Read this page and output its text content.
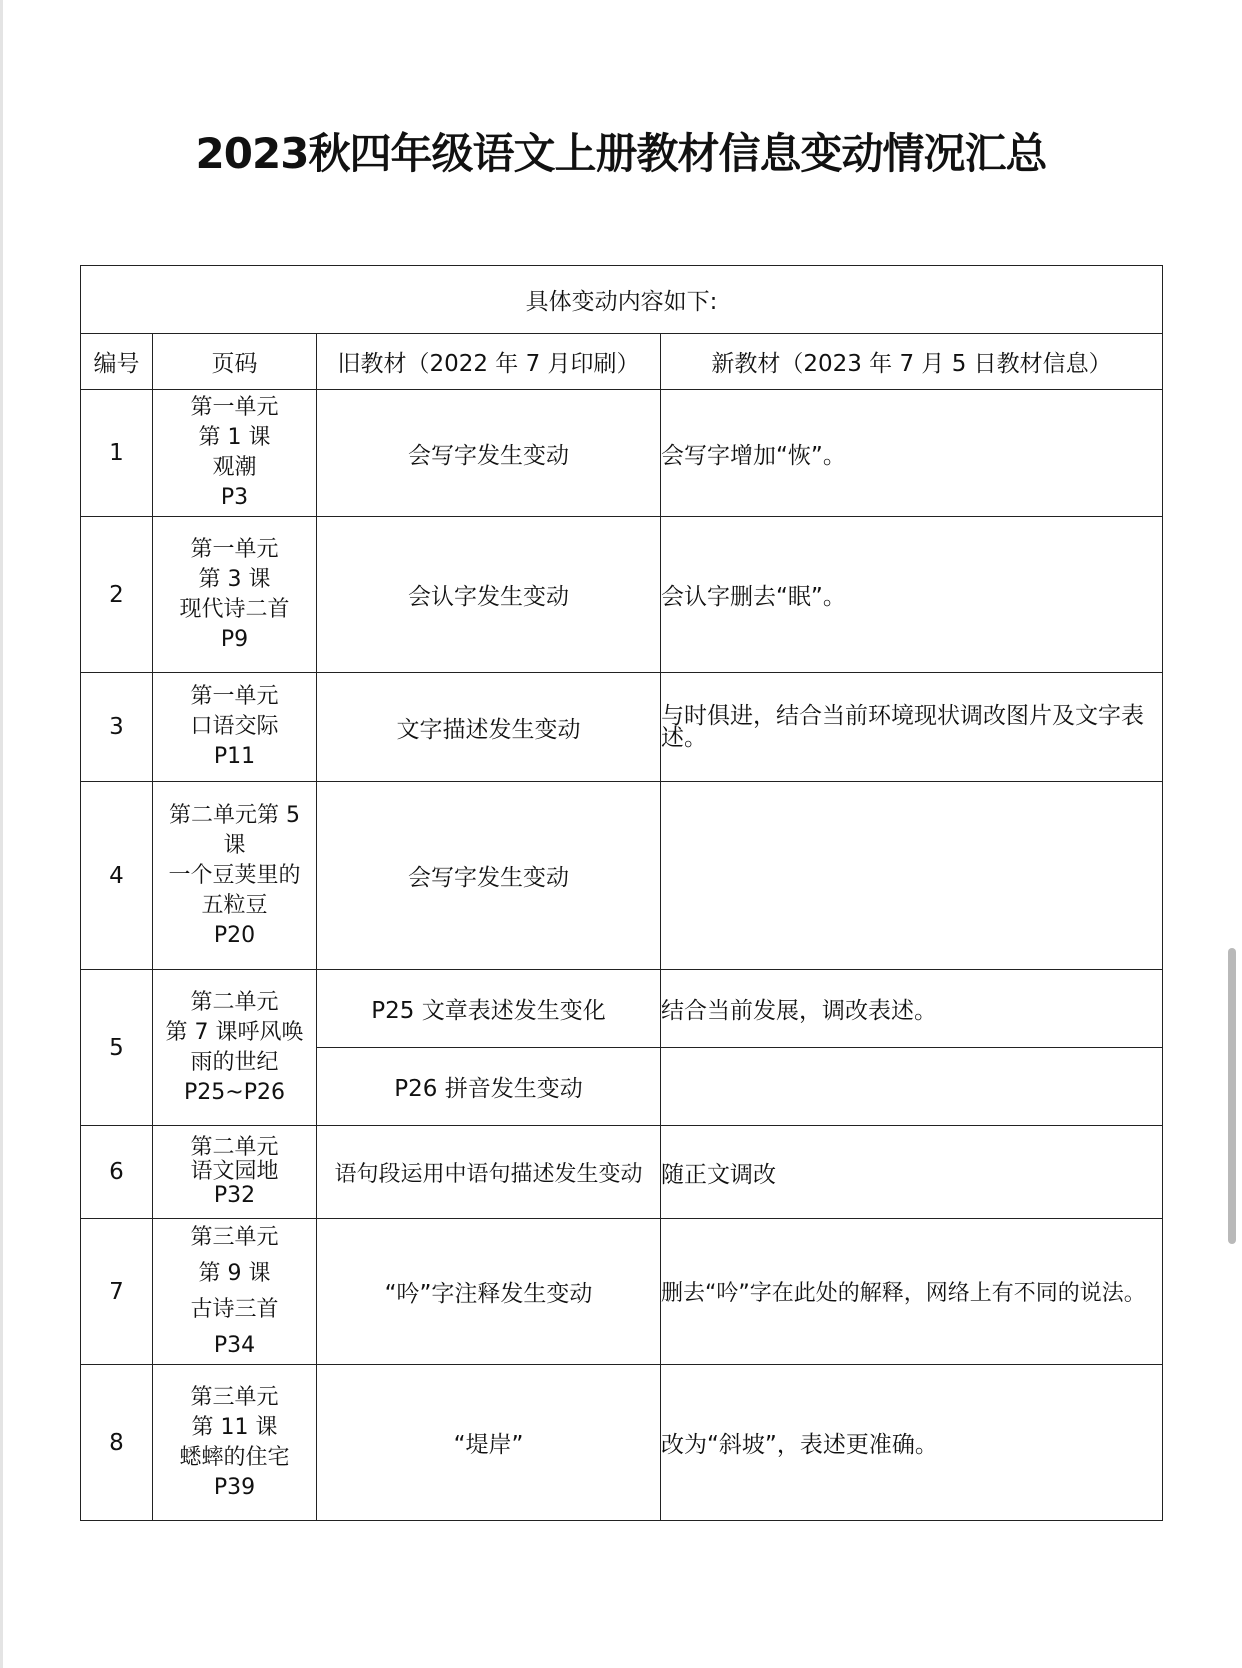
2023秋四年级语文上册教材信息变动情况汇总
具体变动内容如下:			
编号	页码	旧教材（2022 年 7 月印刷）	新教材（2023 年 7 月 5 日教材信息）
1	第一单元
第 1 课
观潮
P3	会写字发生变动	会写字增加“恢”。
2	第一单元
第 3 课
现代诗二首
P9	会认字发生变动	会认字删去“眠”。
3	第一单元
口语交际
P11	文字描述发生变动	与时俱进，结合当前环境现状调改图片及文字表述。
4	第二单元第 5
课
一个豆荚里的
五粒豆
P20	会写字发生变动	
5	第二单元
第 7 课呼风唤
雨的世纪
P25~P26	P25 文章表述发生变化	结合当前发展，调改表述。
		P26 拼音发生变动	
6	第二单元
语文园地
P32	语句段运用中语句描述发生变动	随正文调改
7	第三单元
第 9 课
古诗三首
P34	“吟”字注释发生变动	删去“吟”字在此处的解释，网络上有不同的说法。
8	第三单元
第 11 课
蟋蟀的住宅
P39	“堤岸”	改为“斜坡”，表述更准确。
